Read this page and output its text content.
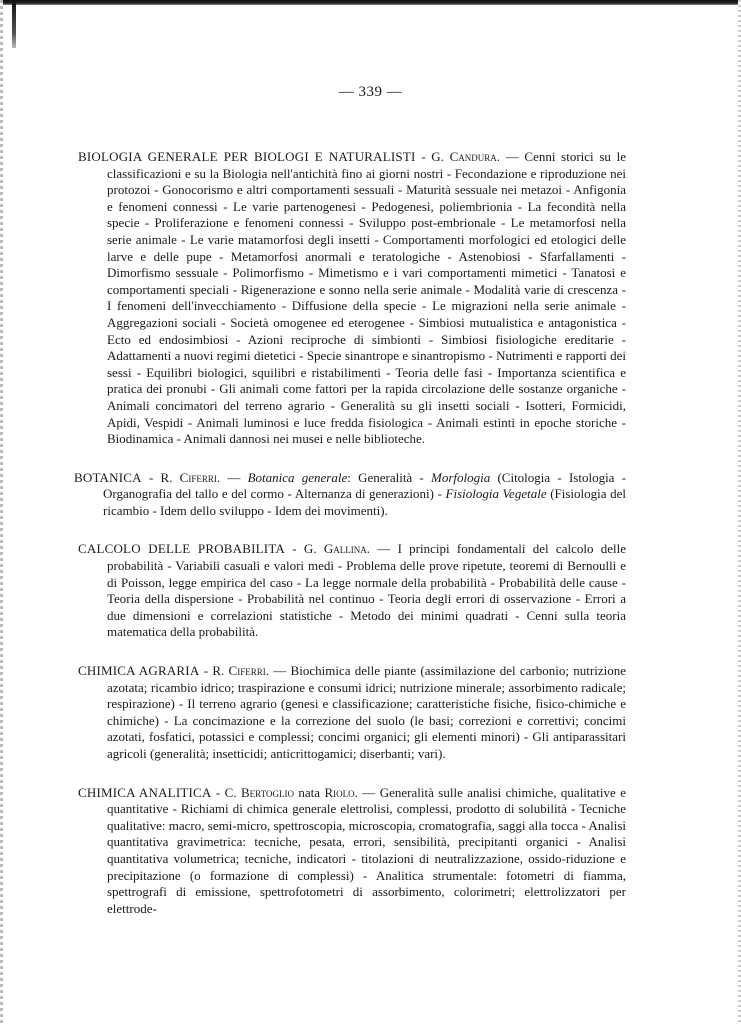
— 339 —

BIOLOGIA GENERALE PER BIOLOGI E NATURALISTI - G. Candura. — Cenni storici su le classificazioni e su la Biologia nell'antichità fino ai giorni nostri - Fecondazione e riproduzione nei protozoi - Gonocorismo e altri comportamenti sessuali - Maturità sessuale nei metazoi - Anfigonia e fenomeni connessi - Le varie partenogenesi - Pedogenesi, poliembrionia - La fecondità nella specie - Proliferazione e fenomeni connessi - Sviluppo post-embrionale - Le metamorfosi nella serie animale - Le varie matamorfosi degli insetti - Comportamenti morfologici ed etologici delle larve e delle pupe - Metamorfosi anormali e teratologiche - Astenobiosi - Sfarfallamenti - Dimorfismo sessuale - Polimorfismo - Mimetismo e i vari comportamenti mimetici - Tanatosi e comportamenti speciali - Rigenerazione e sonno nella serie animale - Modalità varie di crescenza - I fenomeni dell'invecchiamento - Diffusione della specie - Le migrazioni nella serie animale - Aggregazioni sociali - Società omogenee ed eterogenee - Simbiosi mutualistica e antagonistica - Ecto ed endosimbiosi - Azioni reciproche di simbionti - Simbiosi fisiologiche ereditarie - Adattamenti a nuovi regimi dietetici - Specie sinantrope e sinantropismo - Nutrimenti e rapporti dei sessi - Equilibri biologici, squilibri e ristabilimenti - Teoria delle fasi - Importanza scientifica e pratica dei pronubi - Gli animali come fattori per la rapida circolazione delle sostanze organiche - Animali concimatori del terreno agrario - Generalità su gli insetti sociali - Isotteri, Formicidi, Apidi, Vespidi - Animali luminosi e luce fredda fisiologica - Animali estinti in epoche storiche - Biodinamica - Animali dannosi nei musei e nelle biblioteche.

BOTANICA - R. Ciferri. — Botanica generale: Generalità - Morfologia (Citologia - Istologia - Organografia del tallo e del cormo - Alternanza di generazioni) - Fisiologia Vegetale (Fisiologia del ricambio - Idem dello sviluppo - Idem dei movimenti).

CALCOLO DELLE PROBABILITA - G. Gallina. — I principi fondamentali del calcolo delle probabilità - Variabili casuali e valori medi - Problema delle prove ripetute, teoremi di Bernoulli e di Poisson, legge empirica del caso - La legge normale della probabilità - Probabilità delle cause - Teoria della dispersione - Probabilità nel continuo - Teoria degli errori di osservazione - Errori a due dimensioni e correlazioni statistiche - Metodo dei minimi quadrati - Cenni sulla teoria matematica della probabilità.

CHIMICA AGRARIA - R. Ciferri. — Biochimica delle piante (assimilazione del carbonio; nutrizione azotata; ricambio idrico; traspirazione e consumi idrici; nutrizione minerale; assorbimento radicale; respirazione) - Il terreno agrario (genesi e classificazione; caratteristiche fisiche, fisico-chimiche e chimiche) - La concimazione e la correzione del suolo (le basi; correzioni e correttivi; concimi azotati, fosfatici, potassici e complessi; concimi organici; gli elementi minori) - Gli antiparassitari agricoli (generalità; insetticidi; anticrittogamici; diserbanti; vari).

CHIMICA ANALITICA - C. Bertoglio nata Riolo. — Generalità sulle analisi chimiche, qualitative e quantitative - Richiami di chimica generale elettrolisi, complessi, prodotto di solubilità - Tecniche qualitative: macro, semi-micro, spettroscopia, microscopia, cromatografia, saggi alla tocca - Analisi quantitativa gravimetrica: tecniche, pesata, errori, sensibilità, precipitanti organici - Analisi quantitativa volumetrica; tecniche, indicatori - titolazioni di neutralizzazione, ossido-riduzione e precipitazione (o formazione di complessi) - Analitica strumentale: fotometri di fiamma, spettrografi di emissione, spettrofotometri di assorbimento, colorimetri; elettrolizzatori per elettrode-
